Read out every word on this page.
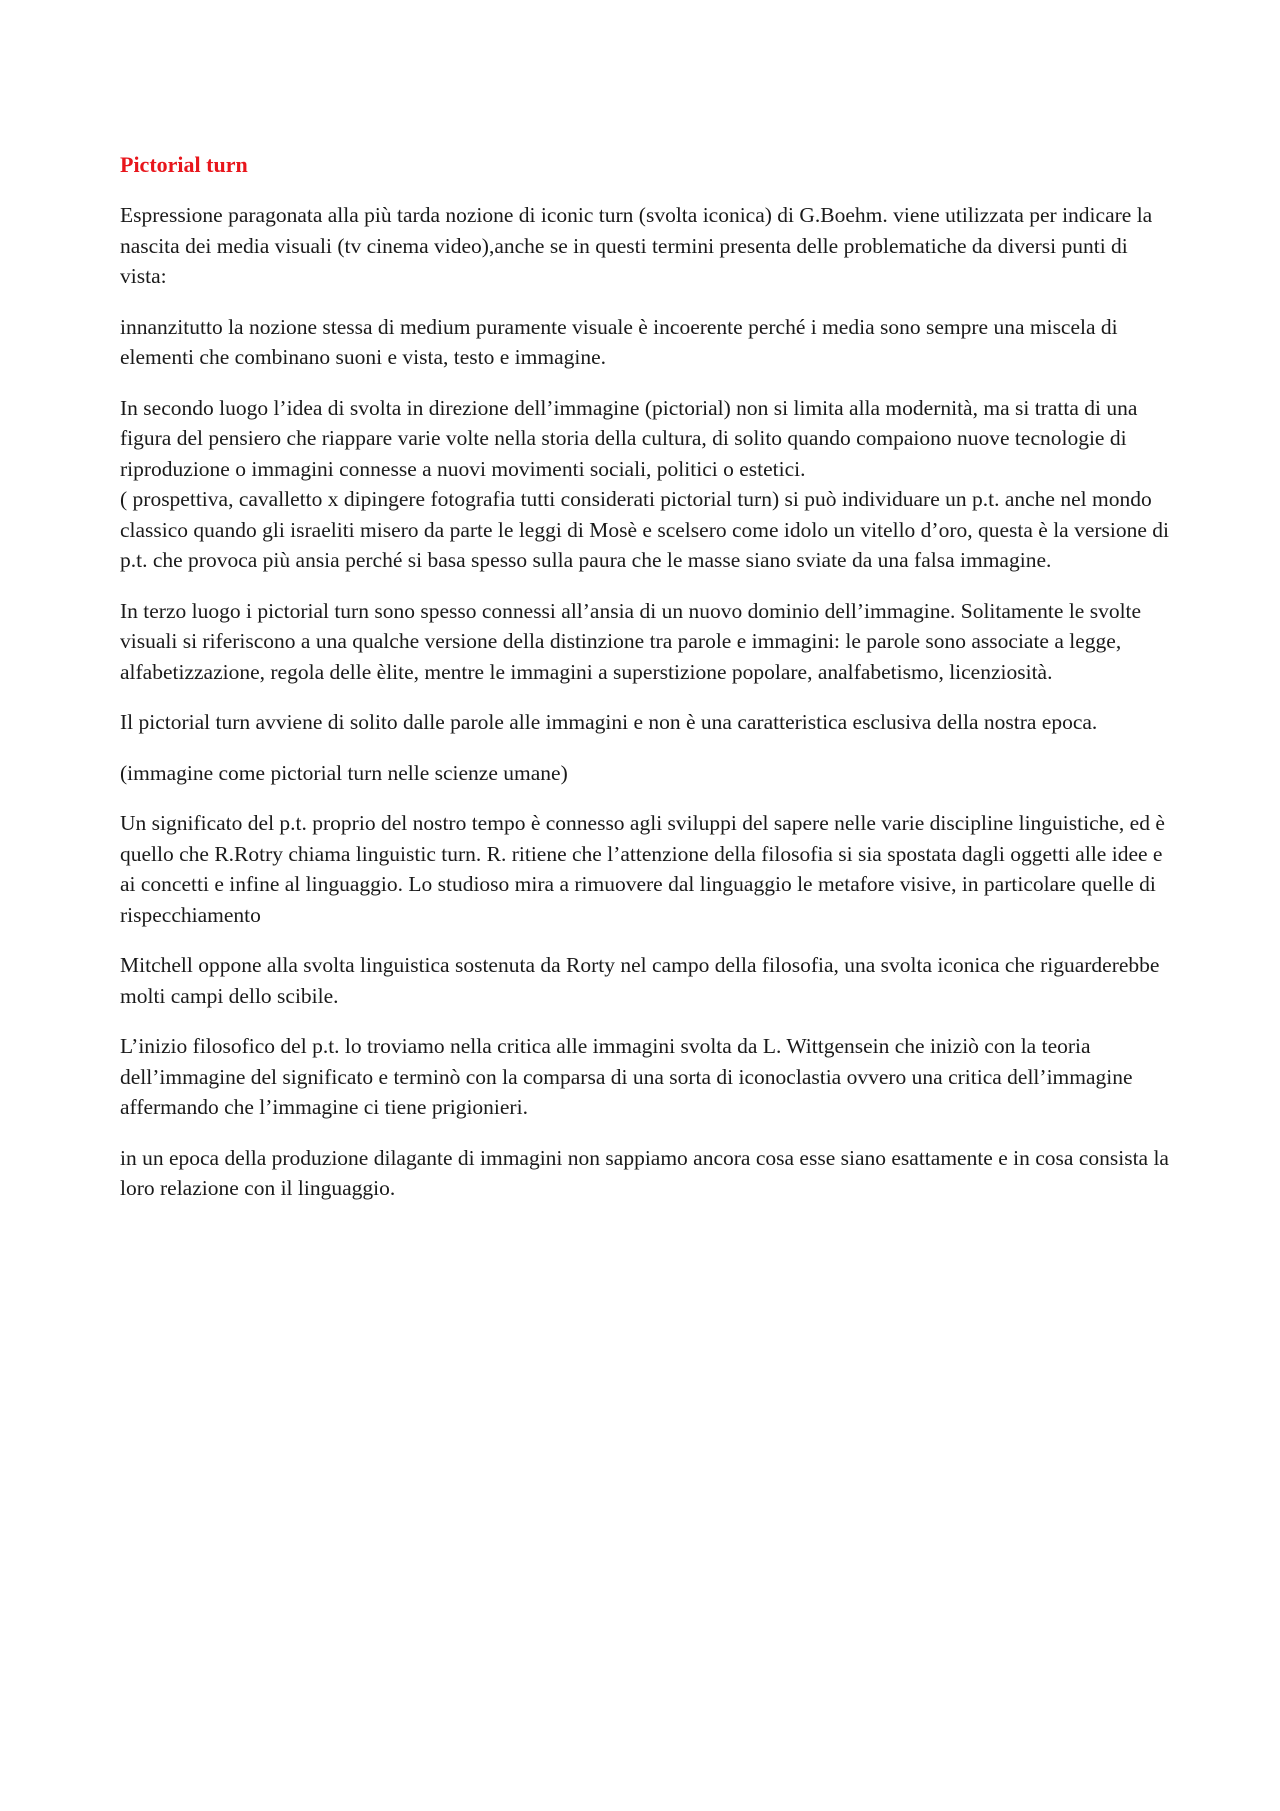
Pictorial turn

Espressione paragonata alla più tarda nozione di iconic turn (svolta iconica) di G.Boehm. viene utilizzata per indicare la nascita dei media visuali (tv cinema video),anche se in questi termini presenta delle problematiche da diversi punti di vista:

innanzitutto la nozione stessa di medium puramente visuale è incoerente perché i media sono sempre una miscela di elementi che combinano suoni e vista, testo e immagine.

In secondo luogo l’idea di svolta in direzione dell’immagine (pictorial) non si limita alla modernità, ma si tratta di una figura del pensiero che riappare varie volte nella storia della cultura, di solito quando compaiono nuove tecnologie di riproduzione o immagini connesse a nuovi movimenti sociali, politici o estetici.
( prospettiva, cavalletto x dipingere fotografia tutti considerati pictorial turn) si può individuare un p.t. anche nel mondo classico quando gli israeliti misero da parte le leggi di Mosè e scelsero come idolo un vitello d’oro, questa è la versione di p.t. che provoca più ansia perché si basa spesso sulla paura che le masse siano sviate da una falsa immagine.

In terzo luogo i pictorial turn sono spesso connessi all’ansia di un nuovo dominio dell’immagine. Solitamente le svolte visuali si riferiscono a una qualche versione della distinzione tra parole e immagini: le parole sono associate a legge, alfabetizzazione, regola delle èlite, mentre le immagini a superstizione popolare, analfabetismo, licenziosità.

Il pictorial turn avviene di solito dalle parole alle immagini e non è una caratteristica esclusiva della nostra epoca.

(immagine come pictorial turn nelle scienze umane)

Un significato del p.t. proprio del nostro tempo è connesso agli sviluppi del sapere nelle varie discipline linguistiche, ed è quello che R.Rotry chiama linguistic turn. R. ritiene che l’attenzione della filosofia si sia spostata dagli oggetti alle idee e ai concetti e infine al linguaggio. Lo studioso mira a rimuovere dal linguaggio le metafore visive, in particolare quelle di rispecchiamento

Mitchell oppone alla svolta linguistica sostenuta da Rorty nel campo della filosofia, una svolta iconica che riguarderebbe molti campi dello scibile.

L’inizio filosofico del p.t. lo troviamo nella critica alle immagini svolta da L. Wittgensein che iniziò con la teoria dell’immagine del significato e terminò con la comparsa di una sorta di iconoclastia ovvero una critica dell’immagine affermando che l’immagine ci tiene prigionieri.

in un epoca della produzione dilagante di immagini non sappiamo ancora cosa esse siano esattamente e in cosa consista la loro relazione con il linguaggio.
